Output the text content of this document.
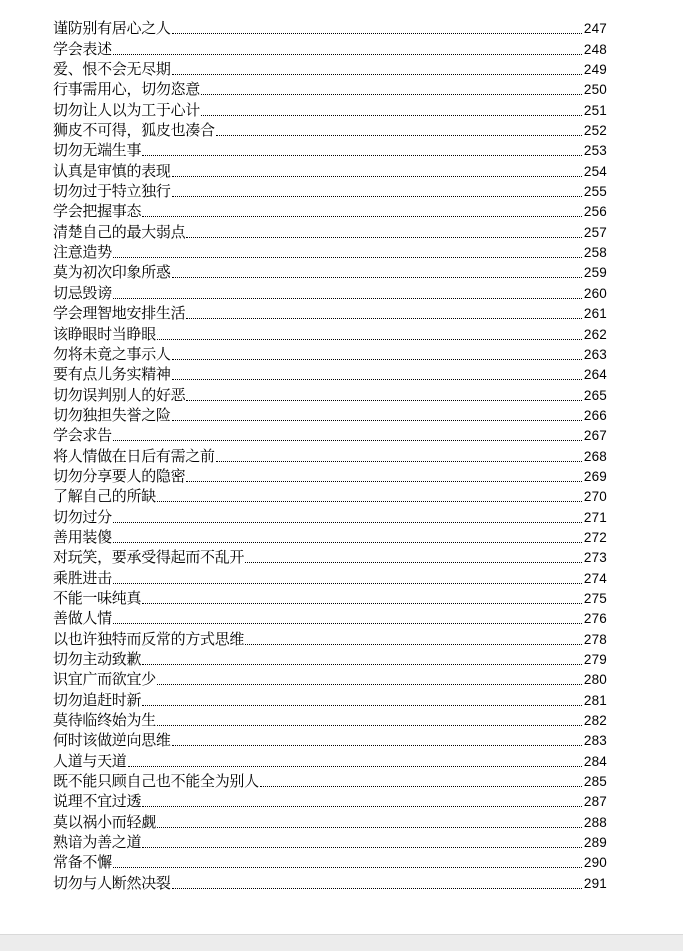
谨防别有居心之人	247
学会表述	248
爱、恨不会无尽期	249
行事需用心，切勿恣意	250
切勿让人以为工于心计	251
狮皮不可得，狐皮也凑合	252
切勿无端生事	253
认真是审慎的表现	254
切勿过于特立独行	255
学会把握事态	256
清楚自己的最大弱点	257
注意造势	258
莫为初次印象所惑	259
切忌毁谤	260
学会理智地安排生活	261
该睁眼时当睁眼	262
勿将未竟之事示人	263
要有点儿务实精神	264
切勿误判别人的好恶	265
切勿独担失誉之险	266
学会求告	267
将人情做在日后有需之前	268
切勿分享要人的隐密	269
了解自己的所缺	270
切勿过分	271
善用装傻	272
对玩笑，要承受得起而不乱开	273
乘胜进击	274
不能一味纯真	275
善做人情	276
以也许独特而反常的方式思维	278
切勿主动致歉	279
识宜广而欲宜少	280
切勿追赶时新	281
莫待临终始为生	282
何时该做逆向思维	283
人道与天道	284
既不能只顾自己也不能全为别人	285
说理不宜过透	287
莫以祸小而轻觑	288
熟谙为善之道	289
常备不懈	290
切勿与人断然决裂	291
